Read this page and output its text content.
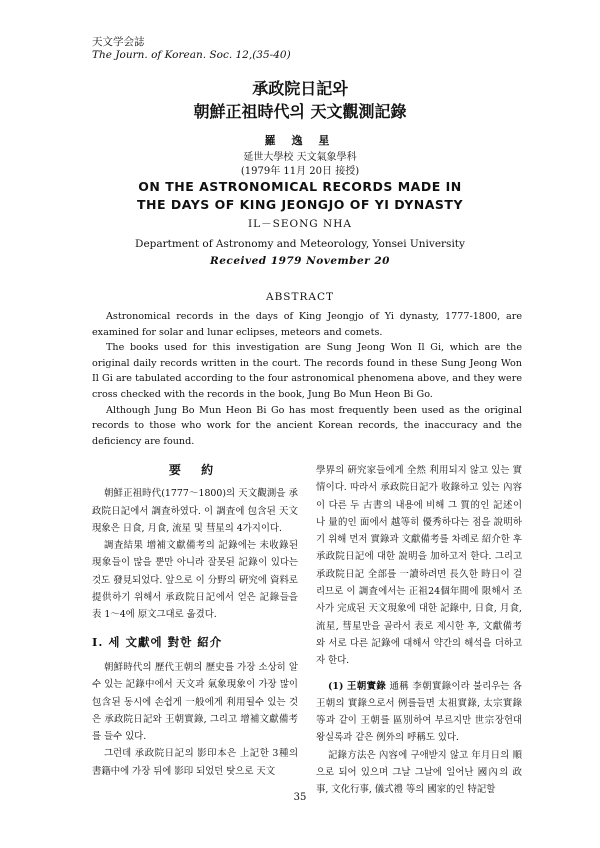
天文学会誌
The Journ. of Korean. Soc. 12,(35-40)
承政院日記와
朝鮮正祖時代의 天文觀測記錄
羅 逸 星
延世大學校 天文氣象學科
(1979年 11月 20日 接授)
ON THE ASTRONOMICAL RECORDS MADE IN
THE DAYS OF KING JEONGJO OF YI DYNASTY
IL－SEONG NHA
Department of Astronomy and Meteorology, Yonsei University
Received 1979 November 20
ABSTRACT

Astronomical records in the days of King Jeongjo of Yi dynasty, 1777-1800, are examined for solar and lunar eclipses, meteors and comets.

The books used for this investigation are Sung Jeong Won Il Gi, which are the original daily records written in the court. The records found in these Sung Jeong Won Il Gi are tabulated according to the four astronomical phenomena above, and they were cross checked with the records in the book, Jung Bo Mun Heon Bi Go.

Although Jung Bo Mun Heon Bi Go has most frequently been used as the original records to those who work for the ancient Korean records, the inaccuracy and the deficiency are found.

要 約

朝鮮正祖時代(1777～1800)의 天文觀測을 承政院日記에서 調査하였다. 이 調査에 包含된 天文現象은 日食, 月食, 流星 및 彗星의 4가지이다.

調査結果 增補文獻備考의 記錄에는 未收錄된 現象들이 많을 뿐만 아니라 잘못된 記錄이 있다는 것도 發見되었다. 앞으로 이 分野의 硏究에 資料로 提供하기 위해서 承政院日記에서 얻은 記錄들을 表 1～4에 原文그대로 옮겼다.

Ⅰ. 세 文獻에 對한 紹介

朝鮮時代의 歷代王朝의 歷史를 가장 소상히 알수 있는 記錄中에서 天文과 氣象現象이 가장 많이 包含된 동시에 손쉽게 一般에게 利用될수 있는 것은 承政院日記와 王朝實錄, 그리고 增補文獻備考를 들수 있다.

그런데 承政院日記의 影印本은 上記한 3種의 書籍中에 가장 뒤에 影印 되었던 탓으로 天文

學界의 硏究家들에게 全然 利用되지 않고 있는 實情이다. 따라서 承政院日記가 收錄하고 있는 內容이 다른 두 古書의 내용에 비해 그 質的인 記述이나 量的인 面에서 越等히 優秀하다는 점을 說明하기 위해 먼저 實錄과 文獻備考를 차례로 紹介한 후 承政院日記에 대한 說明을 加하고저 한다. 그리고 承政院日記 全部를 一讀하려면 長久한 時日이 걸리므로 이 調査에서는 正祖24個年間에 限해서 조사가 完成된 天文現象에 대한 記錄中, 日食, 月食, 流星, 彗星만을 골라서 表로 제시한 후, 文獻備考와 서로 다른 記錄에 대해서 약간의 해석을 더하고자 한다.

(1) 王朝實錄 通稱 李朝實錄이라 불리우는 各王朝의 實錄으로서 例를들면 太祖實錄, 太宗實錄 等과 같이 王朝를 區別하여 부르지만 世宗장헌대왕실록과 같은 例外의 呼稱도 있다.

記錄方法은 內容에 구애받지 않고 年月日의 順으로 되어 있으며 그날 그날에 일어난 國內의 政事, 文化行事, 儀式禮 等의 國家的인 特記할

35
